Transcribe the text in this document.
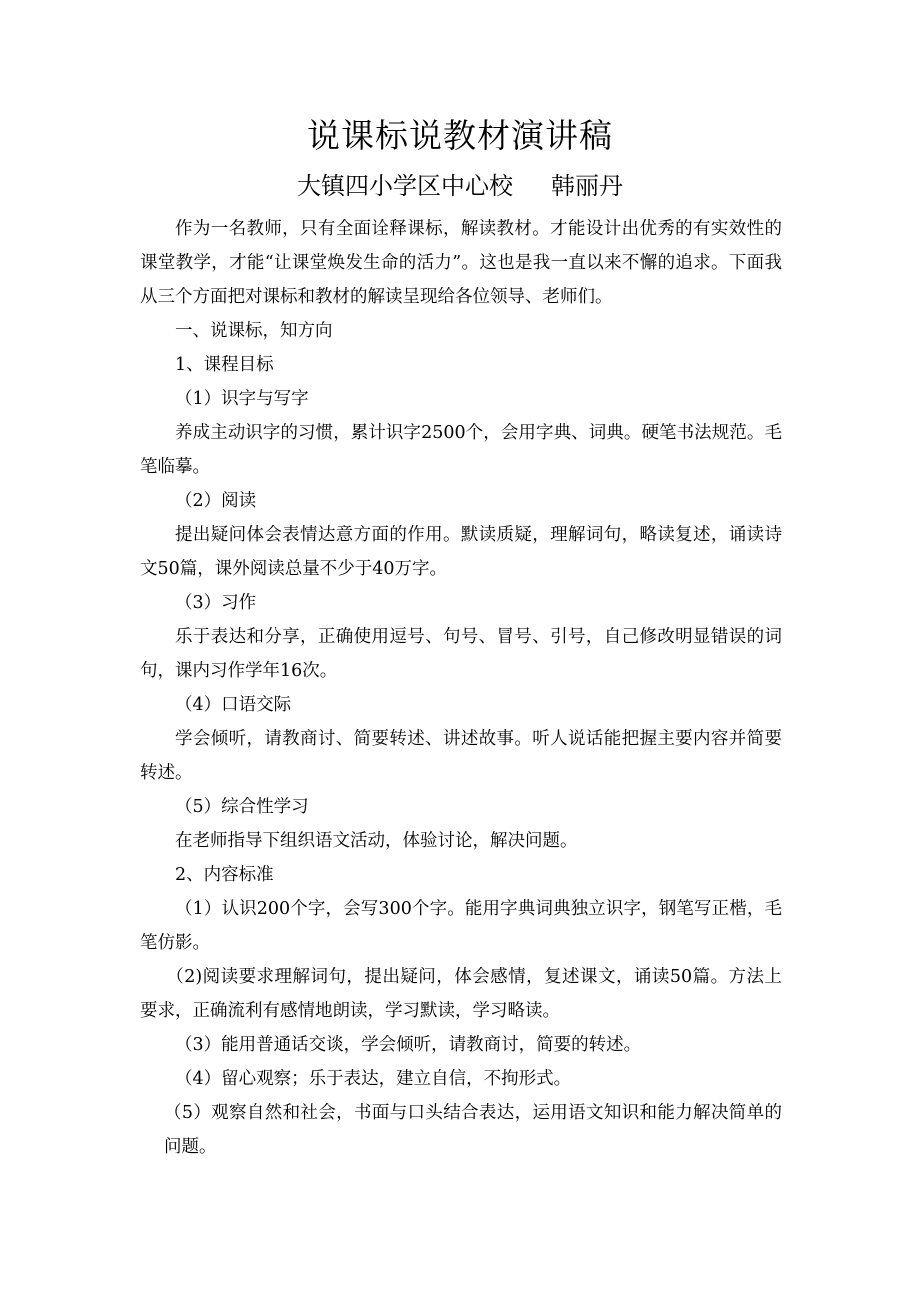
说课标说教材演讲稿
大镇四小学区中心校 韩丽丹

作为一名教师，只有全面诠释课标，解读教材。才能设计出优秀的有实效性的课堂教学，才能“让课堂焕发生命的活力”。这也是我一直以来不懈的追求。下面我从三个方面把对课标和教材的解读呈现给各位领导、老师们。

一、说课标，知方向

1、课程目标

（1）识字与写字

养成主动识字的习惯，累计识字2500个，会用字典、词典。硬笔书法规范。毛笔临摹。

（2）阅读

提出疑问体会表情达意方面的作用。默读质疑，理解词句，略读复述，诵读诗文50篇，课外阅读总量不少于40万字。

（3）习作

乐于表达和分享，正确使用逗号、句号、冒号、引号，自己修改明显错误的词句，课内习作学年16次。

（4）口语交际

学会倾听，请教商讨、简要转述、讲述故事。听人说话能把握主要内容并简要转述。

（5）综合性学习

在老师指导下组织语文活动，体验讨论，解决问题。

2、内容标准

（1）认识200个字，会写300个字。能用字典词典独立识字，钢笔写正楷，毛笔仿影。

（2)阅读要求理解词句，提出疑问，体会感情，复述课文，诵读50篇。方法上要求，正确流利有感情地朗读，学习默读，学习略读。

（3）能用普通话交谈，学会倾听，请教商讨，简要的转述。

（4）留心观察；乐于表达，建立自信，不拘形式。

（5）观察自然和社会，书面与口头结合表达，运用语文知识和能力解决简单的问题。
